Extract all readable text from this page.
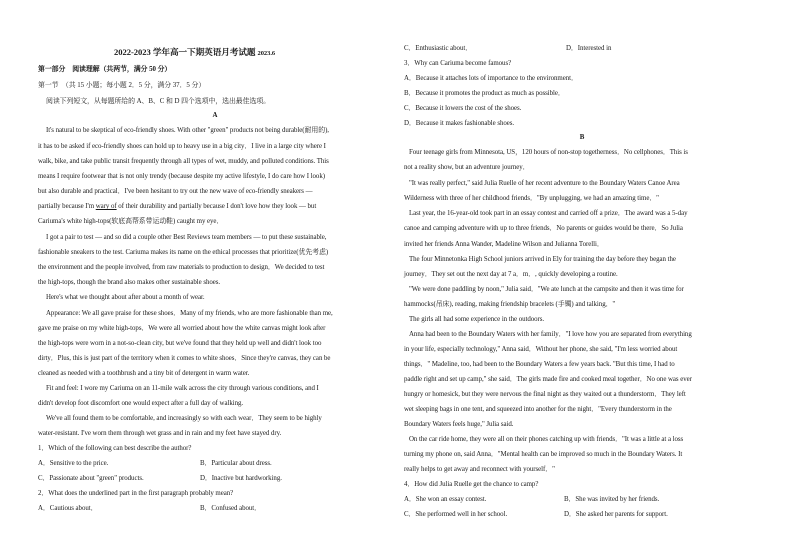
2022-2023 学年高一下期英语月考试题 2023.6
第一部分　阅读理解（共两节，满分 50 分）
第一节　（共 15 小题；每小题 2．5 分，满分 37．5 分）
阅读下列短文，从每题所给的 A、B、C 和 D 四个选项中，选出最佳选项。
A
It's natural to be skeptical of eco-friendly shoes. With other "green" products not being durable(耐用的),
it has to be asked if eco-friendly shoes can hold up to heavy use in a big city．I live in a large city where I
walk, bike, and take public transit frequently through all types of wet, muddy, and polluted conditions. This
means I require footwear that is not only trendy (because despite my active lifestyle, I do care how I look)
but also durable and practical．I've been hesitant to try out the new wave of eco-friendly sneakers —
partially because I'm wary of of their durability and partially because I don't love how they look — but
Cariuma's white high-tops(软底高帮系带运动鞋) caught my eye．
I got a pair to test — and so did a couple other Best Reviews team members — to put these sustainable,
fashionable sneakers to the test. Cariuma makes its name on the ethical processes that prioritize(优先考虑)
the environment and the people involved, from raw materials to production to design．We decided to test
the high-tops, though the brand also makes other sustainable shoes.
Here's what we thought about after about a month of wear.
Appearance: We all gave praise for these shoes．Many of my friends, who are more fashionable than me,
gave me praise on my white high-tops．We were all worried about how the white canvas might look after
the high-tops were worn in a not-so-clean city, but we've found that they held up well and didn't look too
dirty．Plus, this is just part of the territory when it comes to white shoes．Since they're canvas, they can be
cleaned as needed with a toothbrush and a tiny bit of detergent in warm water.
Fit and feel: I wore my Cariuma on an 11-mile walk across the city through various conditions, and I
didn't develop foot discomfort one would expect after a full day of walking.
We've all found them to be comfortable, and increasingly so with each wear．They seem to be highly
water-resistant. I've worn them through wet grass and in rain and my feet have stayed dry.
1．Which of the following can best describe the author?
A．Sensitive to the price.	B．Particular about dress.
C．Passionate about "green" products.	D．Inactive but hardworking.
2．What does the underlined part in the first paragraph probably mean?
A．Cautious about．	B．Confused about．
C．Enthusiastic about．	D．Interested in
3．Why can Cariuma become famous?
A．Because it attaches lots of importance to the environment．
B．Because it promotes the product as much as possible．
C．Because it lowers the cost of the shoes.
D．Because it makes fashionable shoes.
B
Four teenage girls from Minnesota, US，120 hours of non-stop togetherness．No cellphones．This is
not a reality show, but an adventure journey．
"It was really perfect," said Julia Ruelle of her recent adventure to the Boundary Waters Canoe Area
Wilderness with three of her childhood friends．"By unplugging, we had an amazing time．"
Last year, the 16-year-old took part in an essay contest and carried off a prize．The award was a 5-day
canoe and camping adventure with up to three friends．No parents or guides would be there．So Julia
invited her friends Anna Wander, Madeline Wilson and Julianna Torelli．
The four Minnetonka High School juniors arrived in Ely for training the day before they began the
journey．They set out the next day at 7 a．m．, quickly developing a routine.
"We were done paddling by noon," Julia said．"We ate lunch at the campsite and then it was time for
hammocks(吊床), reading, making friendship bracelets (手镯) and talking．"
The girls all had some experience in the outdoors.
Anna had been to the Boundary Waters with her family．"I love how you are separated from everything
in your life, especially technology," Anna said．Without her phone, she said, "I'm less worried about
things．" Madeline, too, had been to the Boundary Waters a few years back. "But this time, I had to
paddle right and set up camp," she said．The girls made fire and cooked meal together．No one was ever
hungry or homesick, but they were nervous the final night as they waited out a thunderstorm．They left
wet sleeping bags in one tent, and squeezed into another for the night．"Every thunderstorm in the
Boundary Waters feels huge," Julia said.
On the car ride home, they were all on their phones catching up with friends．"It was a little at a loss
turning my phone on, said Anna．"Mental health can be improved so much in the Boundary Waters. It
really helps to get away and reconnect with yourself．"
4．How did Julia Ruelle get the chance to camp?
A．She won an essay contest.	B．She was invited by her friends.
C．She performed well in her school.	D．She asked her parents for support.
